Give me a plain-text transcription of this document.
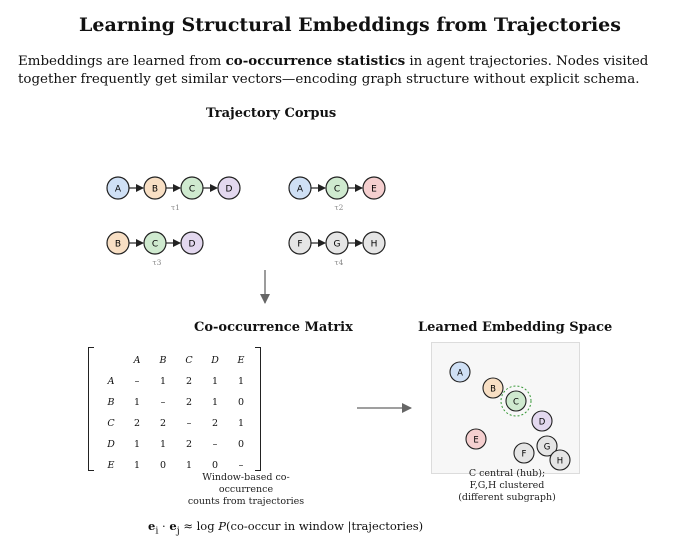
Learning Structural Embeddings from Trajectories
Embeddings are learned from co-occurrence statistics in agent trajectories. Nodes visited together frequently get similar vectors—encoding graph structure without explicit schema.
Trajectory Corpus
Co-occurrence Matrix	Learned Embedding Space
A	B	C	D
τ1
A	C	E
τ2
B	C	D
τ3
F	G	H
τ4
	A	B	C	D	E
A	–	1	2	1	1
B	1	–	2	1	0
C	2	2	–	2	1
D	1	1	2	–	0
E	1	0	1	0	–
Window-based co-occurrence
counts from trajectories
A
B
C
D
E
F
G
H
C central (hub);
F,G,H clustered
(different subgraph)
$e_i \cdot e_j \approx \log$ P(co-occur in window |trajectories)
